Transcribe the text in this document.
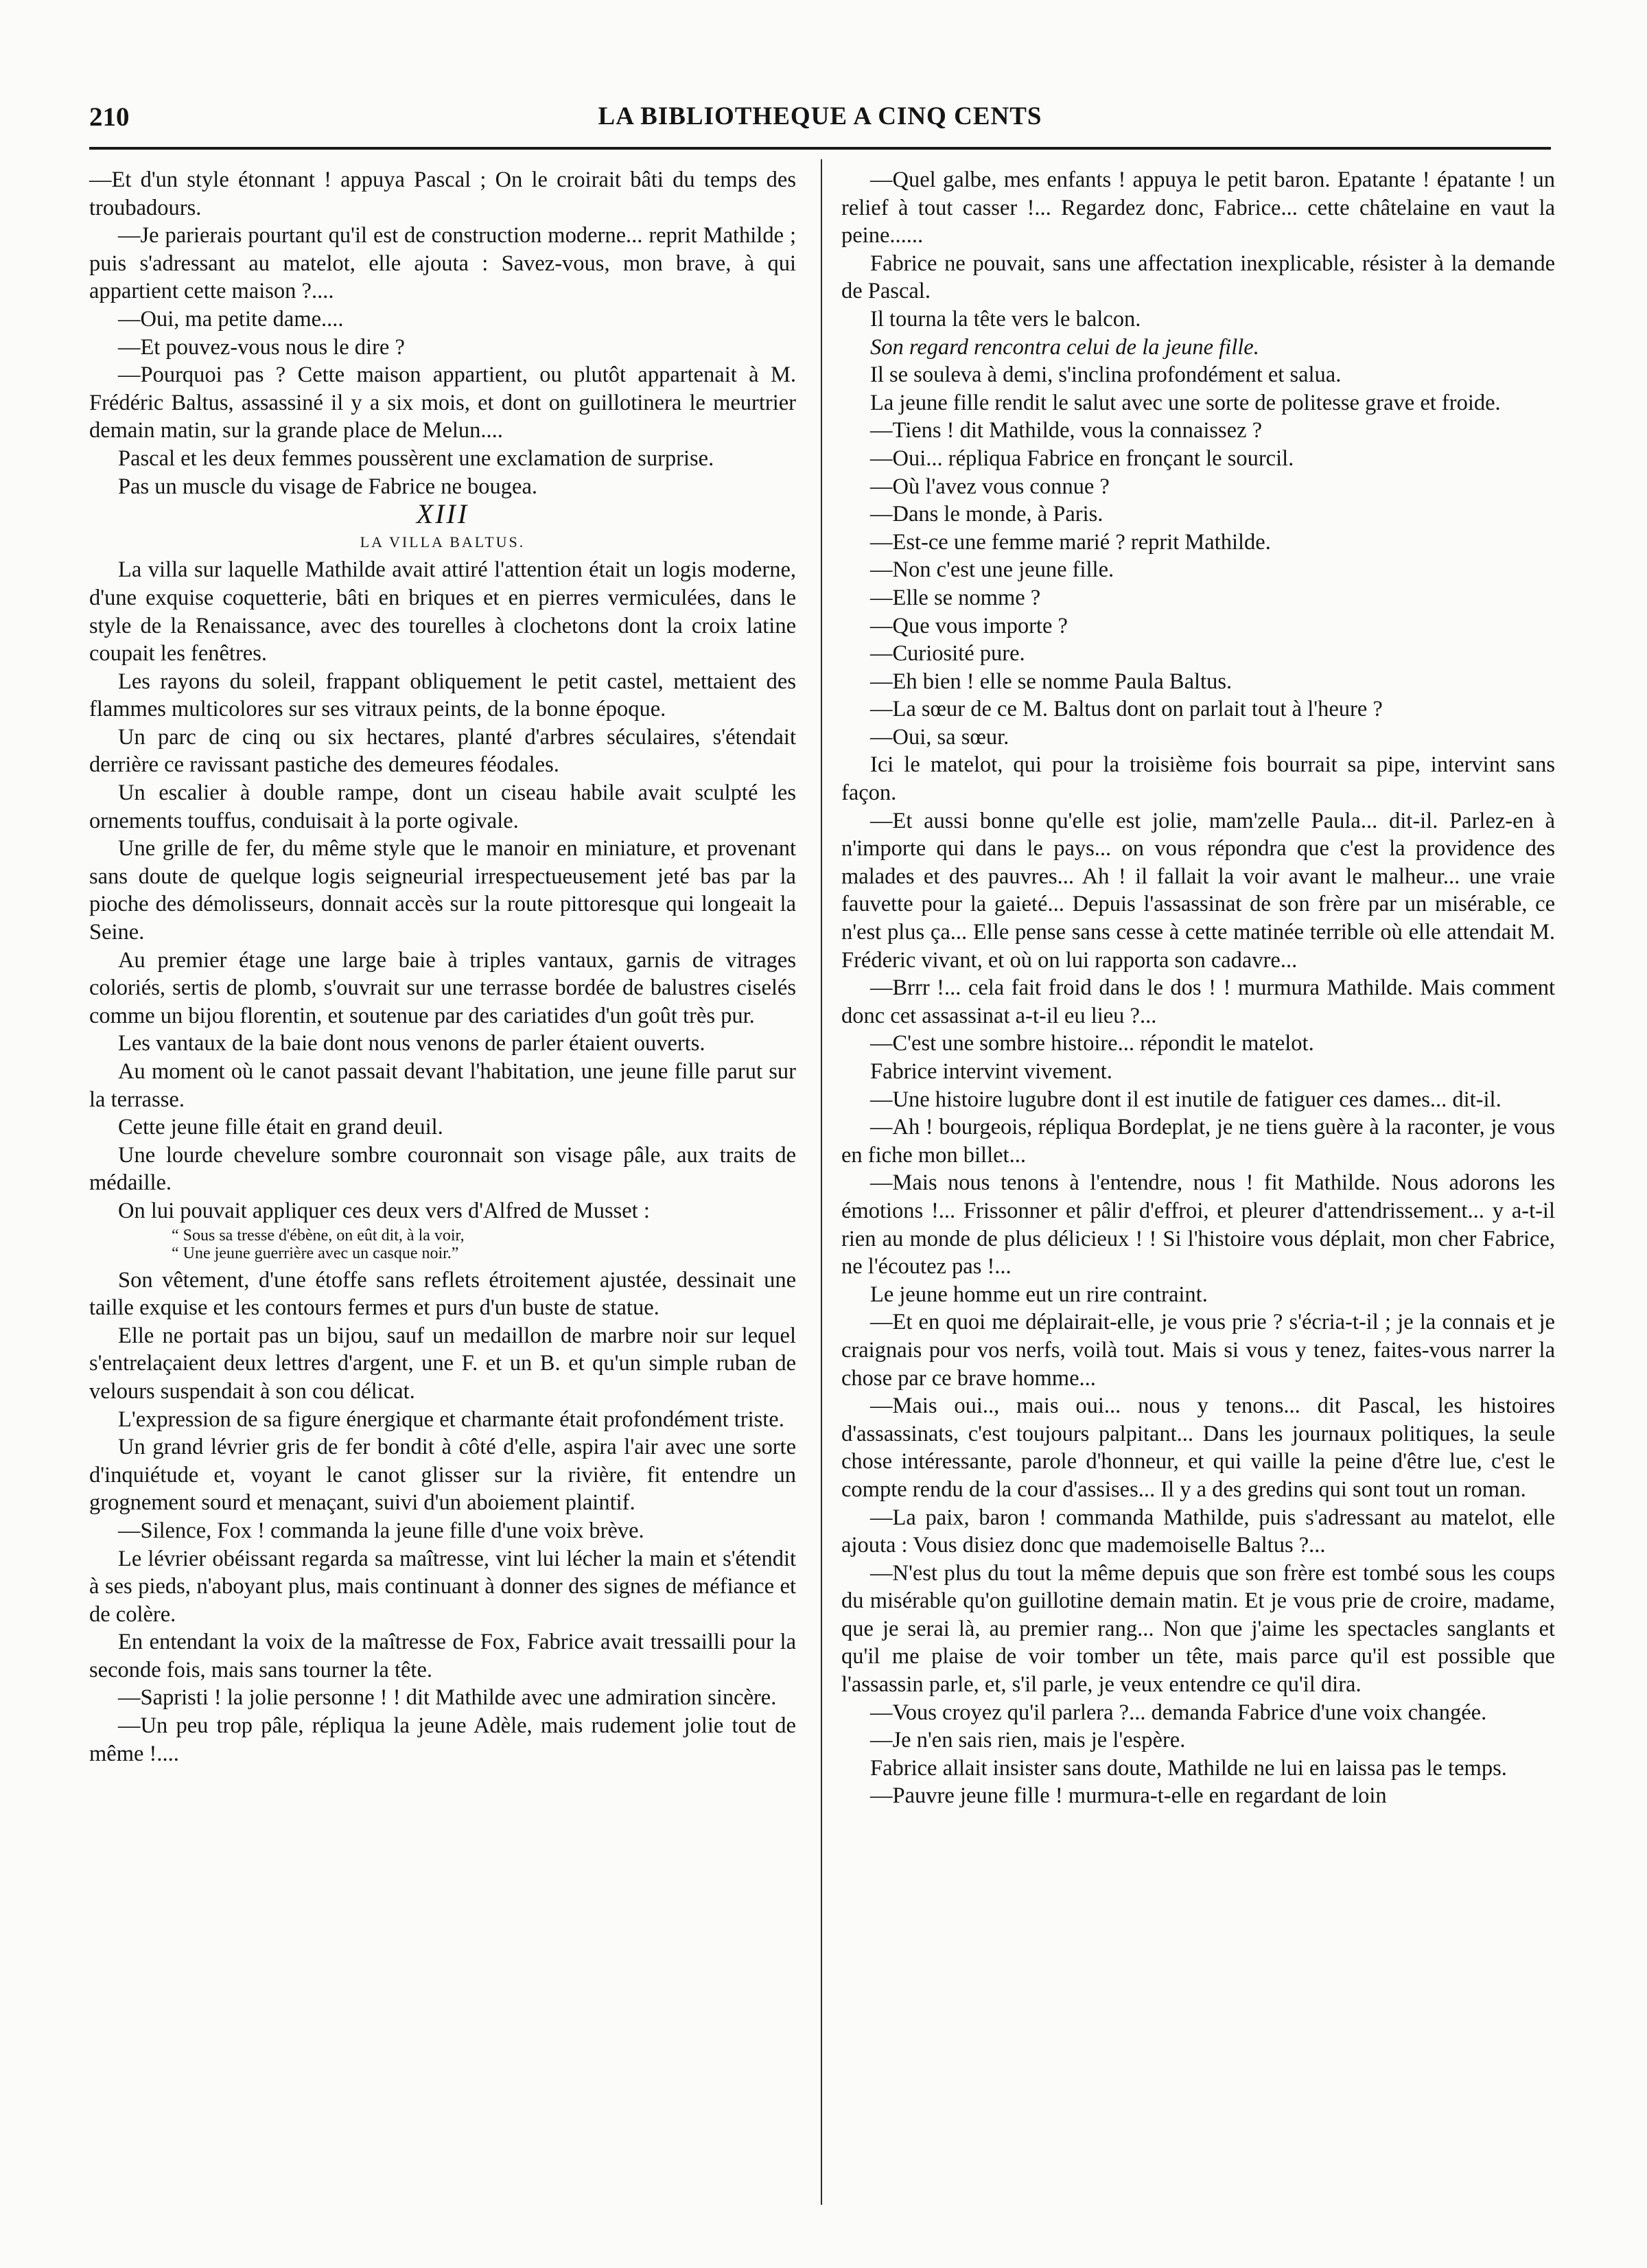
210	LA BIBLIOTHEQUE A CINQ CENTS

—Et d'un style étonnant ! appuya Pascal ; On le croirait bâti du temps des troubadours.

—Je parierais pourtant qu'il est de construction moderne... reprit Mathilde ; puis s'adressant au matelot, elle ajouta : Savez-vous, mon brave, à qui appartient cette maison ?....

—Oui, ma petite dame....

—Et pouvez-vous nous le dire ?

—Pourquoi pas ? Cette maison appartient, ou plutôt appartenait à M. Frédéric Baltus, assassiné il y a six mois, et dont on guillotinera le meurtrier demain matin, sur la grande place de Melun....

Pascal et les deux femmes poussèrent une exclamation de surprise.

Pas un muscle du visage de Fabrice ne bougea.

XIII

LA VILLA BALTUS.

La villa sur laquelle Mathilde avait attiré l'attention était un logis moderne, d'une exquise coquetterie, bâti en briques et en pierres vermiculées, dans le style de la Renaissance, avec des tourelles à clochetons dont la croix latine coupait les fenêtres.

Les rayons du soleil, frappant obliquement le petit castel, mettaient des flammes multicolores sur ses vitraux peints, de la bonne époque.

Un parc de cinq ou six hectares, planté d'arbres séculaires, s'étendait derrière ce ravissant pastiche des demeures féodales.

Un escalier à double rampe, dont un ciseau habile avait sculpté les ornements touffus, conduisait à la porte ogivale.

Une grille de fer, du même style que le manoir en miniature, et provenant sans doute de quelque logis seigneurial irrespectueusement jeté bas par la pioche des démolisseurs, donnait accès sur la route pittoresque qui longeait la Seine.

Au premier étage une large baie à triples vantaux, garnis de vitrages coloriés, sertis de plomb, s'ouvrait sur une terrasse bordée de balustres ciselés comme un bijou florentin, et soutenue par des cariatides d'un goût très pur.

Les vantaux de la baie dont nous venons de parler étaient ouverts.

Au moment où le canot passait devant l'habitation, une jeune fille parut sur la terrasse.

Cette jeune fille était en grand deuil.

Une lourde chevelure sombre couronnait son visage pâle, aux traits de médaille.

On lui pouvait appliquer ces deux vers d'Alfred de Musset :

“ Sous sa tresse d'ébène, on eût dit, à la voir,

“ Une jeune guerrière avec un casque noir.”

Son vêtement, d'une étoffe sans reflets étroitement ajustée, dessinait une taille exquise et les contours fermes et purs d'un buste de statue.

Elle ne portait pas un bijou, sauf un medaillon de marbre noir sur lequel s'entrelaçaient deux lettres d'argent, une F. et un B. et qu'un simple ruban de velours suspendait à son cou délicat.

L'expression de sa figure énergique et charmante était profondément triste.

Un grand lévrier gris de fer bondit à côté d'elle, aspira l'air avec une sorte d'inquiétude et, voyant le canot glisser sur la rivière, fit entendre un grognement sourd et menaçant, suivi d'un aboiement plaintif.

—Silence, Fox ! commanda la jeune fille d'une voix brève.

Le lévrier obéissant regarda sa maîtresse, vint lui lécher la main et s'étendit à ses pieds, n'aboyant plus, mais continuant à donner des signes de méfiance et de colère.

En entendant la voix de la maîtresse de Fox, Fabrice avait tressailli pour la seconde fois, mais sans tourner la tête.

—Sapristi ! la jolie personne ! ! dit Mathilde avec une admiration sincère.

—Un peu trop pâle, répliqua la jeune Adèle, mais rudement jolie tout de même !....

—Quel galbe, mes enfants ! appuya le petit baron. Epatante ! épatante ! un relief à tout casser !... Regardez donc, Fabrice... cette châtelaine en vaut la peine......

Fabrice ne pouvait, sans une affectation inexplicable, résister à la demande de Pascal.

Il tourna la tête vers le balcon.

Son regard rencontra celui de la jeune fille.

Il se souleva à demi, s'inclina profondément et salua.

La jeune fille rendit le salut avec une sorte de politesse grave et froide.

—Tiens ! dit Mathilde, vous la connaissez ?

—Oui... répliqua Fabrice en fronçant le sourcil.

—Où l'avez vous connue ?

—Dans le monde, à Paris.

—Est-ce une femme marié ? reprit Mathilde.

—Non c'est une jeune fille.

—Elle se nomme ?

—Que vous importe ?

—Curiosité pure.

—Eh bien ! elle se nomme Paula Baltus.

—La sœur de ce M. Baltus dont on parlait tout à l'heure ?

—Oui, sa sœur.

Ici le matelot, qui pour la troisième fois bourrait sa pipe, intervint sans façon.

—Et aussi bonne qu'elle est jolie, mam'zelle Paula... dit-il. Parlez-en à n'importe qui dans le pays... on vous répondra que c'est la providence des malades et des pauvres... Ah ! il fallait la voir avant le malheur... une vraie fauvette pour la gaieté... Depuis l'assassinat de son frère par un misérable, ce n'est plus ça... Elle pense sans cesse à cette matinée terrible où elle attendait M. Fréderic vivant, et où on lui rapporta son cadavre...

—Brrr !... cela fait froid dans le dos ! ! murmura Mathilde. Mais comment donc cet assassinat a-t-il eu lieu ?...

—C'est une sombre histoire... répondit le matelot.

Fabrice intervint vivement.

—Une histoire lugubre dont il est inutile de fatiguer ces dames... dit-il.

—Ah ! bourgeois, répliqua Bordeplat, je ne tiens guère à la raconter, je vous en fiche mon billet...

—Mais nous tenons à l'entendre, nous ! fit Mathilde. Nous adorons les émotions !... Frissonner et pâlir d'effroi, et pleurer d'attendrissement... y a-t-il rien au monde de plus délicieux ! ! Si l'histoire vous déplait, mon cher Fabrice, ne l'écoutez pas !...

Le jeune homme eut un rire contraint.

—Et en quoi me déplairait-elle, je vous prie ? s'écria-t-il ; je la connais et je craignais pour vos nerfs, voilà tout. Mais si vous y tenez, faites-vous narrer la chose par ce brave homme...

—Mais oui.., mais oui... nous y tenons... dit Pascal, les histoires d'assassinats, c'est toujours palpitant... Dans les journaux politiques, la seule chose intéressante, parole d'honneur, et qui vaille la peine d'être lue, c'est le compte rendu de la cour d'assises... Il y a des gredins qui sont tout un roman.

—La paix, baron ! commanda Mathilde, puis s'adressant au matelot, elle ajouta : Vous disiez donc que mademoiselle Baltus ?...

—N'est plus du tout la même depuis que son frère est tombé sous les coups du misérable qu'on guillotine demain matin. Et je vous prie de croire, madame, que je serai là, au premier rang... Non que j'aime les spectacles sanglants et qu'il me plaise de voir tomber un tête, mais parce qu'il est possible que l'assassin parle, et, s'il parle, je veux entendre ce qu'il dira.

—Vous croyez qu'il parlera ?... demanda Fabrice d'une voix changée.

—Je n'en sais rien, mais je l'espère.

Fabrice allait insister sans doute, Mathilde ne lui en laissa pas le temps.

—Pauvre jeune fille ! murmura-t-elle en regardant de loin
